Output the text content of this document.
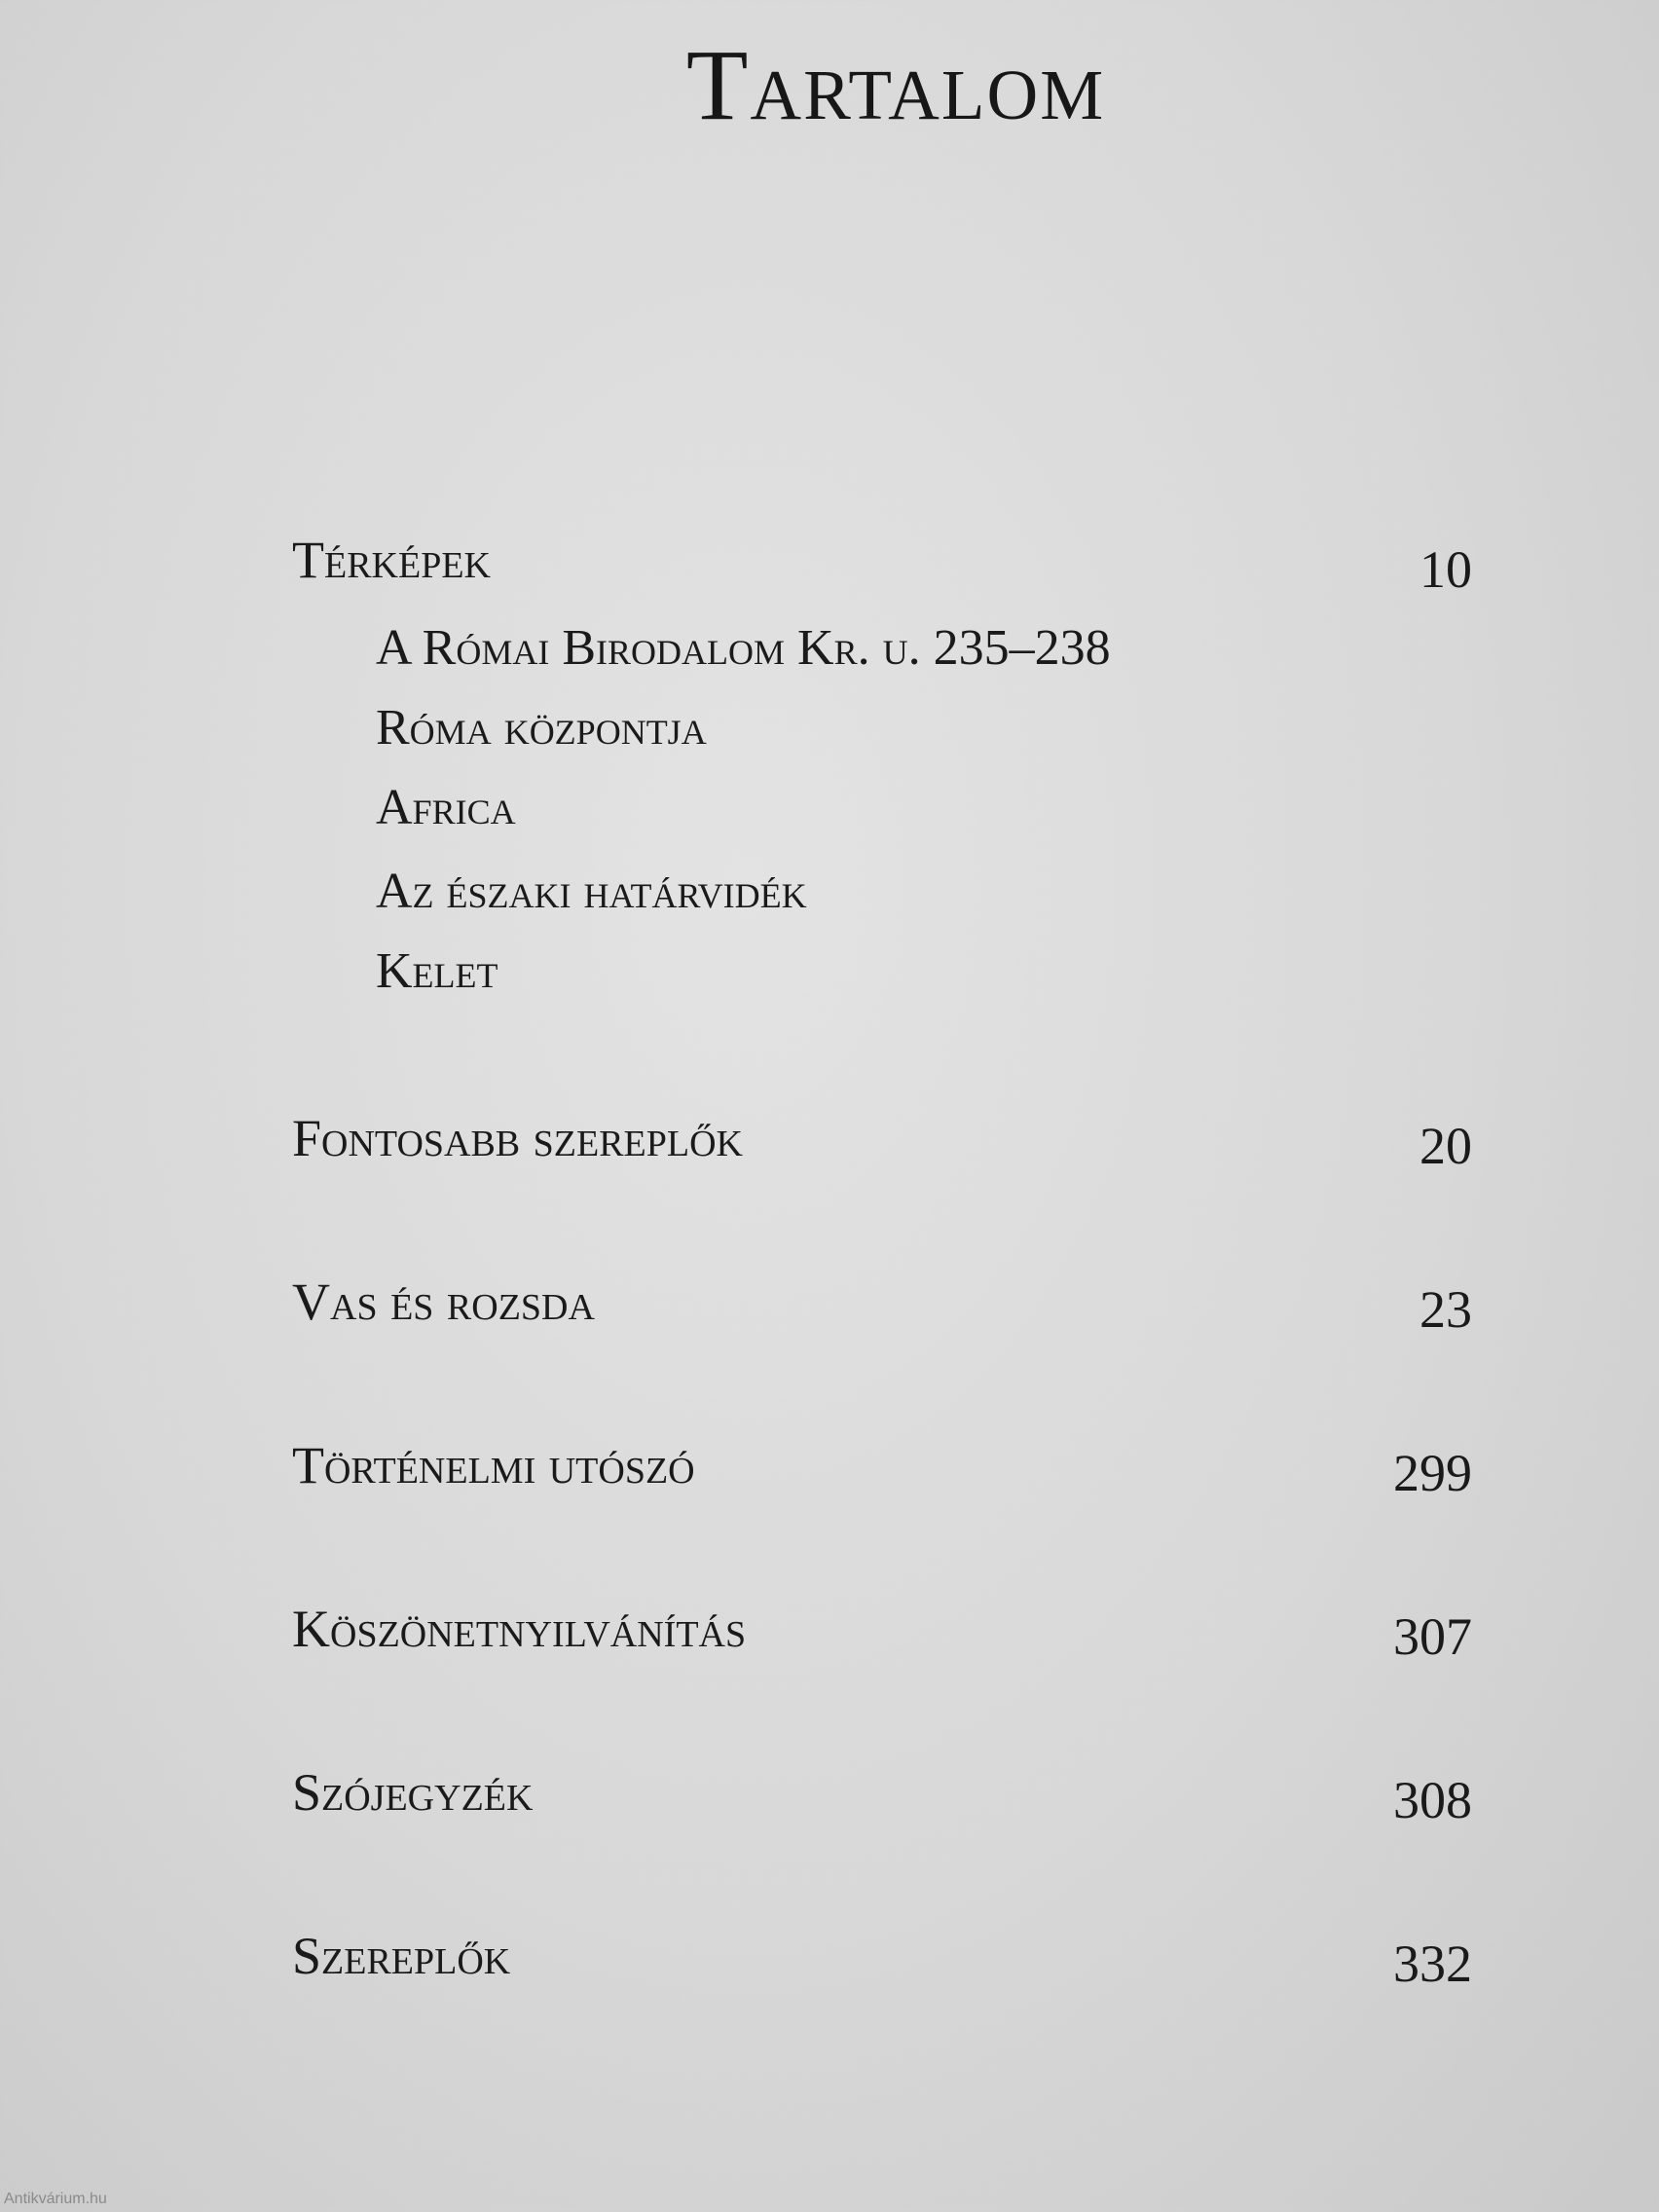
Tartalom
Térképek	10
A Római Birodalom Kr. u. 235–238
Róma központja
Africa
Az északi határvidék
Kelet
Fontosabb szereplők	20
Vas és rozsda	23
Történelmi utószó	299
Köszönetnyilvánítás	307
Szójegyzék	308
Szereplők	332
Antikvárium.hu
